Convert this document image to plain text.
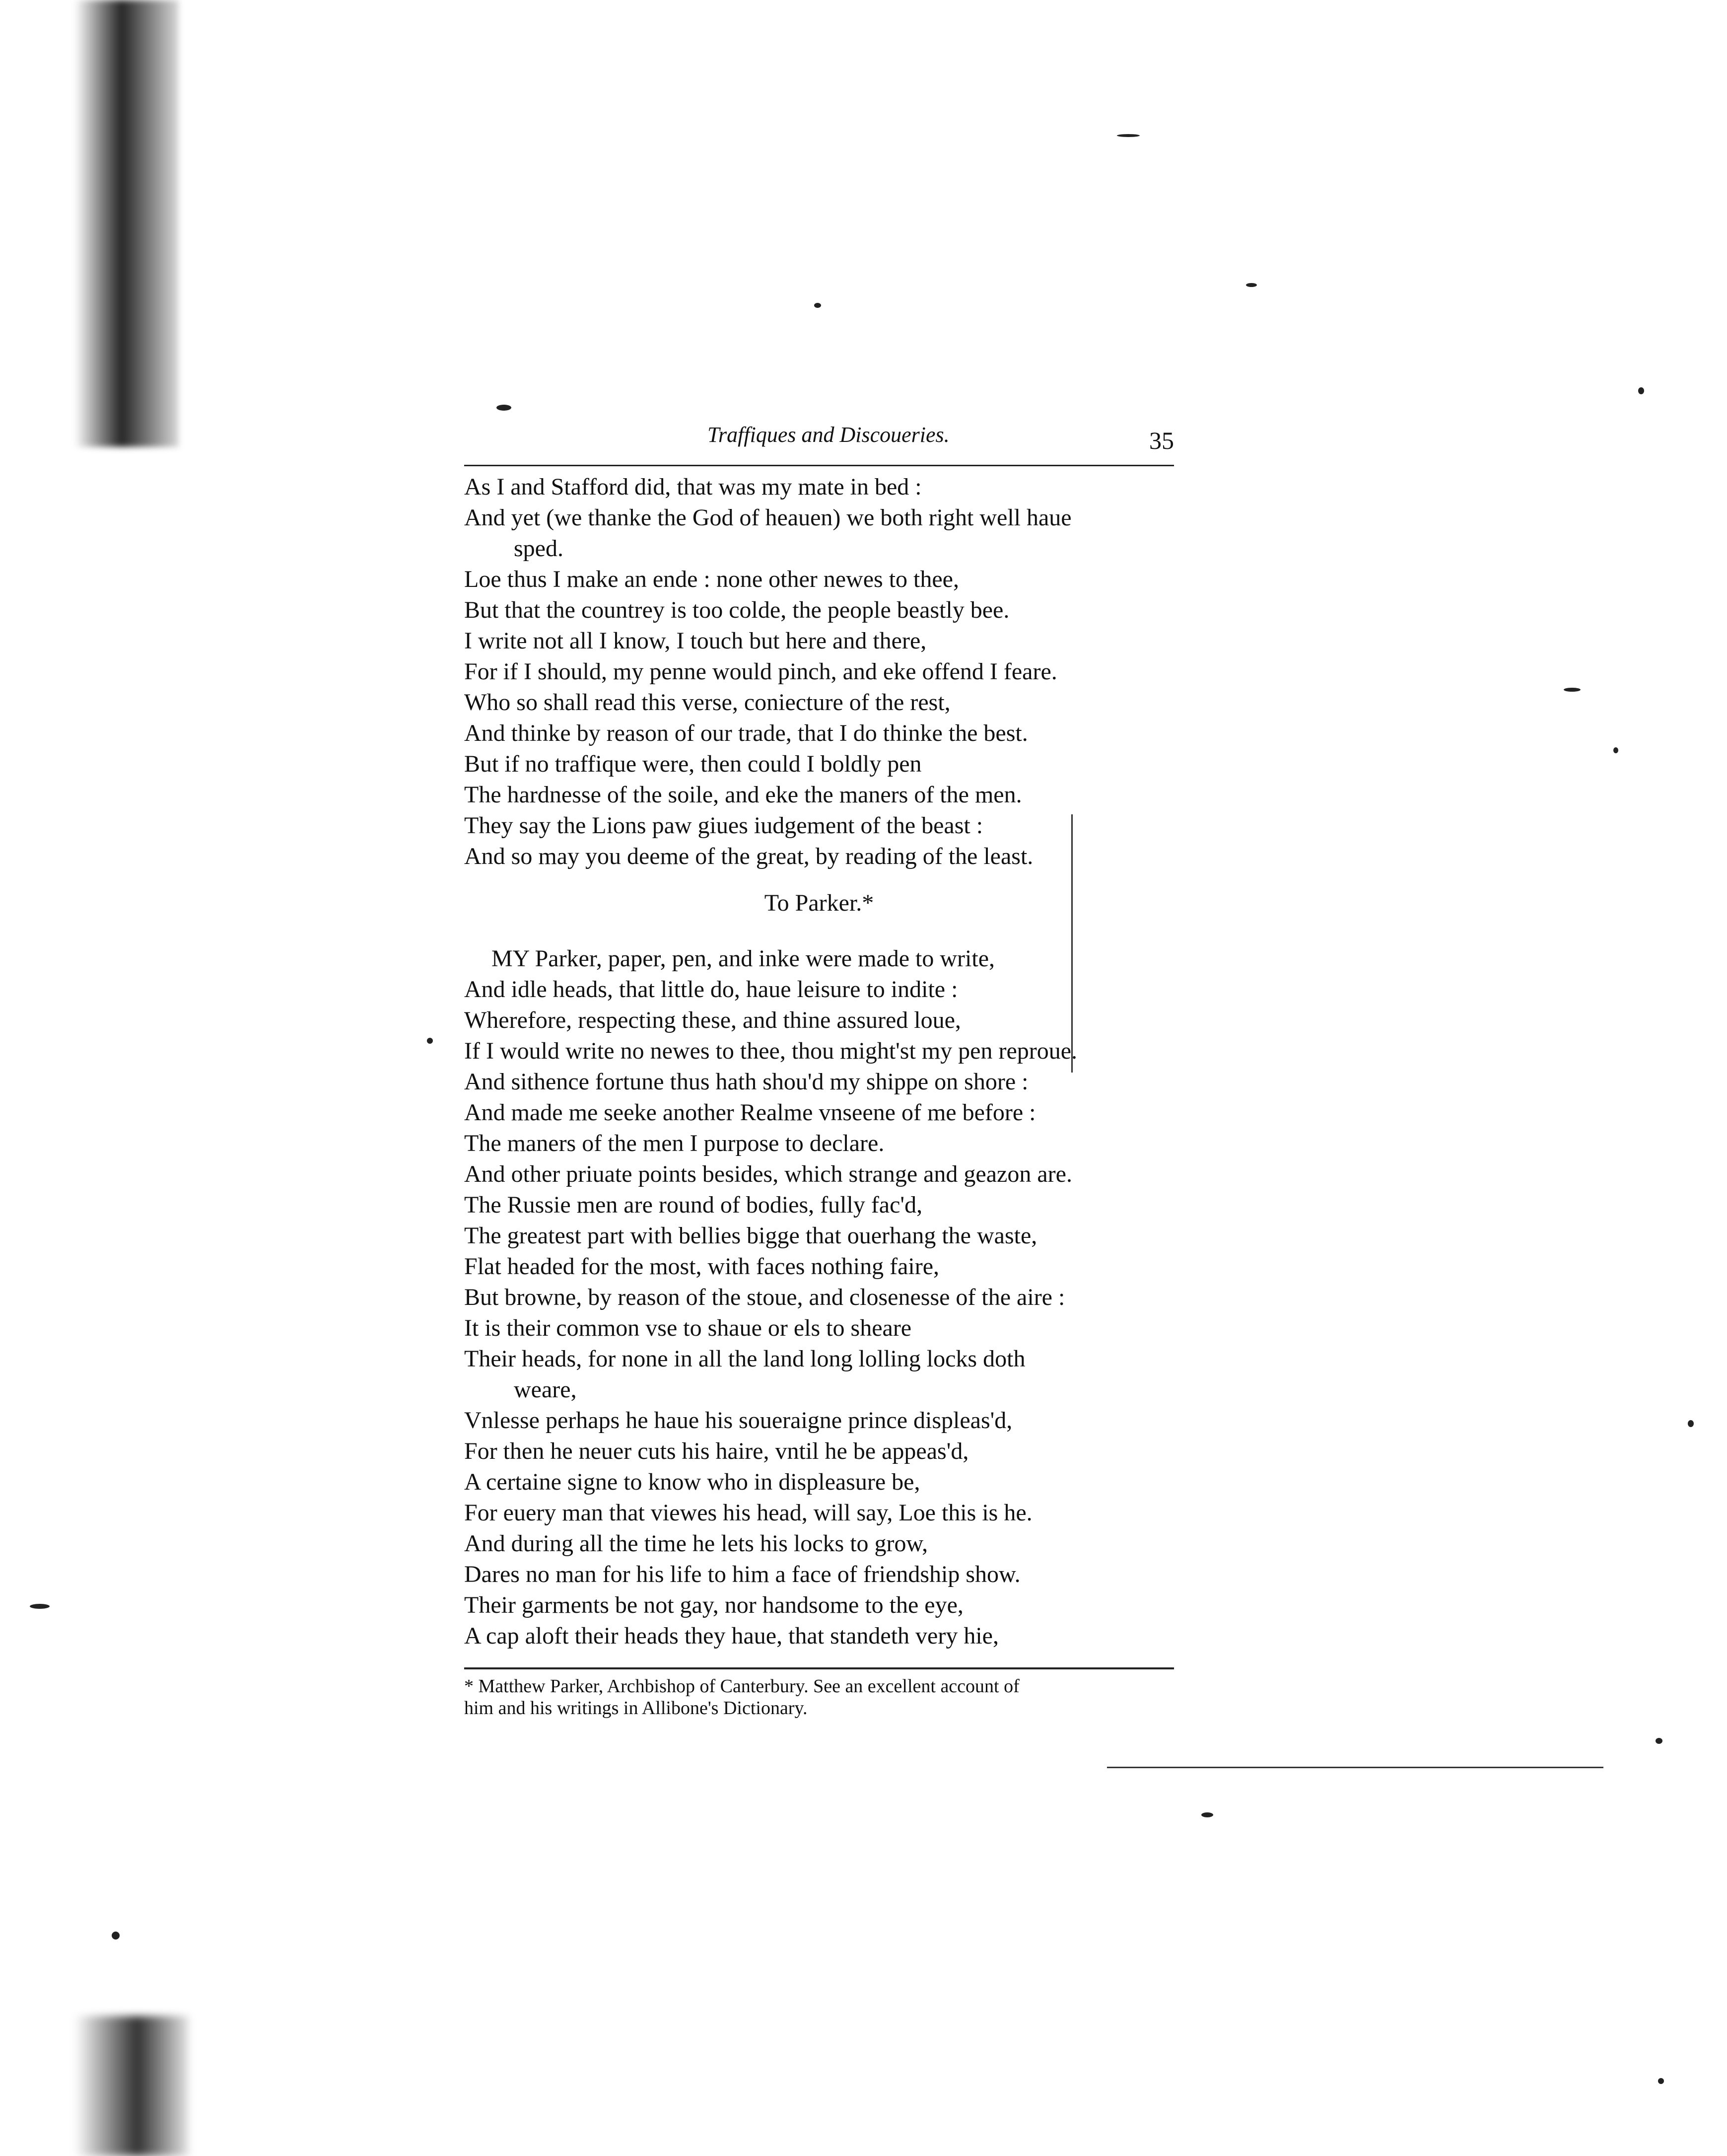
Traffiques and Discoueries.	35
As I and Stafford did, that was my mate in bed :
And yet (we thanke the God of heauen) we both right well haue
sped.
Loe thus I make an ende : none other newes to thee,
But that the countrey is too colde, the people beastly bee.
I write not all I know, I touch but here and there,
For if I should, my penne would pinch, and eke offend I feare.
Who so shall read this verse, coniecture of the rest,
And thinke by reason of our trade, that I do thinke the best.
But if no traffique were, then could I boldly pen
The hardnesse of the soile, and eke the maners of the men.
They say the Lions paw giues iudgement of the beast :
And so may you deeme of the great, by reading of the least.
To Parker.*
MY Parker, paper, pen, and inke were made to write,
And idle heads, that little do, haue leisure to indite :
Wherefore, respecting these, and thine assured loue,
If I would write no newes to thee, thou might'st my pen reproue.
And sithence fortune thus hath shou'd my shippe on shore :
And made me seeke another Realme vnseene of me before :
The maners of the men I purpose to declare.
And other priuate points besides, which strange and geazon are.
The Russie men are round of bodies, fully fac'd,
The greatest part with bellies bigge that ouerhang the waste,
Flat headed for the most, with faces nothing faire,
But browne, by reason of the stoue, and closenesse of the aire :
It is their common vse to shaue or els to sheare
Their heads, for none in all the land long lolling locks doth
weare,
Vnlesse perhaps he haue his soueraigne prince displeas'd,
For then he neuer cuts his haire, vntil he be appeas'd,
A certaine signe to know who in displeasure be,
For euery man that viewes his head, will say, Loe this is he.
And during all the time he lets his locks to grow,
Dares no man for his life to him a face of friendship show.
Their garments be not gay, nor handsome to the eye,
A cap aloft their heads they haue, that standeth very hie,
* Matthew Parker, Archbishop of Canterbury. See an excellent account of
him and his writings in Allibone's Dictionary.
